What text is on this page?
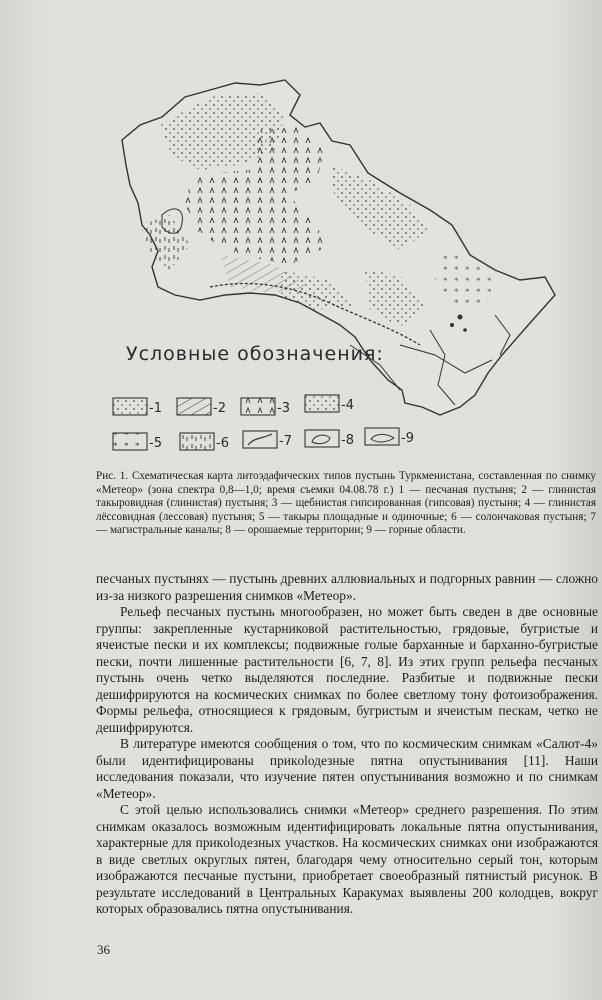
-1	-2	-3	-4
-5	-6	-7	-8	-9
Условные обозначения:

Рис. 1. Схематическая карта литоэдафических типов пустынь Туркменистана, составленная по снимку «Метеор» (зона спектра 0,8—1,0; время съемки 04.08.78 г.) 1 — песчаная пустыня; 2 — глинистая такыровидная (глинистая) пустыня; 3 — щебнистая гипсированная (гипсовая) пустыня; 4 — глинистая лёссовидная (лессовая) пустыня; 5 — такыры площадные и одиночные; 6 — солончаковая пустыня; 7 — магистральные каналы; 8 — орошаемые территории; 9 — горные области.

песчаных пустынях — пустынь древних аллювиальных и подгорных равнин — сложно из-за низкого разрешения снимков «Метеор».

Рельеф песчаных пустынь многообразен, но может быть сведен в две основные группы: закрепленные кустарниковой растительностью, грядовые, бугристые и ячеистые пески и их комплексы; подвижные голые барханные и барханно-бугристые пески, почти лишенные растительности [6, 7, 8]. Из этих групп рельефа песчаных пустынь очень четко выделяются последние. Разбитые и подвижные пески дешифрируются на космических снимках по более светлому тону фотоизображения. Формы рельефа, относящиеся к грядовым, бугристым и ячеистым пескам, четко не дешифрируются.

В литературе имеются сообщения о том, что по космическим снимкам «Салют-4» были идентифицированы прикolодезные пятна опустынивания [11]. Наши исследования показали, что изучение пятен опустынивания возможно и по снимкам «Метеор».

С этой целью использовались снимки «Метеор» среднего разрешения. По этим снимкам оказалось возможным идентифицировать локальные пятна опустынивания, характерные для прикolодезных участков. На космических снимках они изображаются в виде светлых округлых пятен, благодаря чему относительно серый тон, которым изображаются песчаные пустыни, приобретает своеобразный пятнистый рисунок. В результате исследований в Центральных Каракумах выявлены 200 колодцев, вокруг которых образовались пятна опустынивания.

36
